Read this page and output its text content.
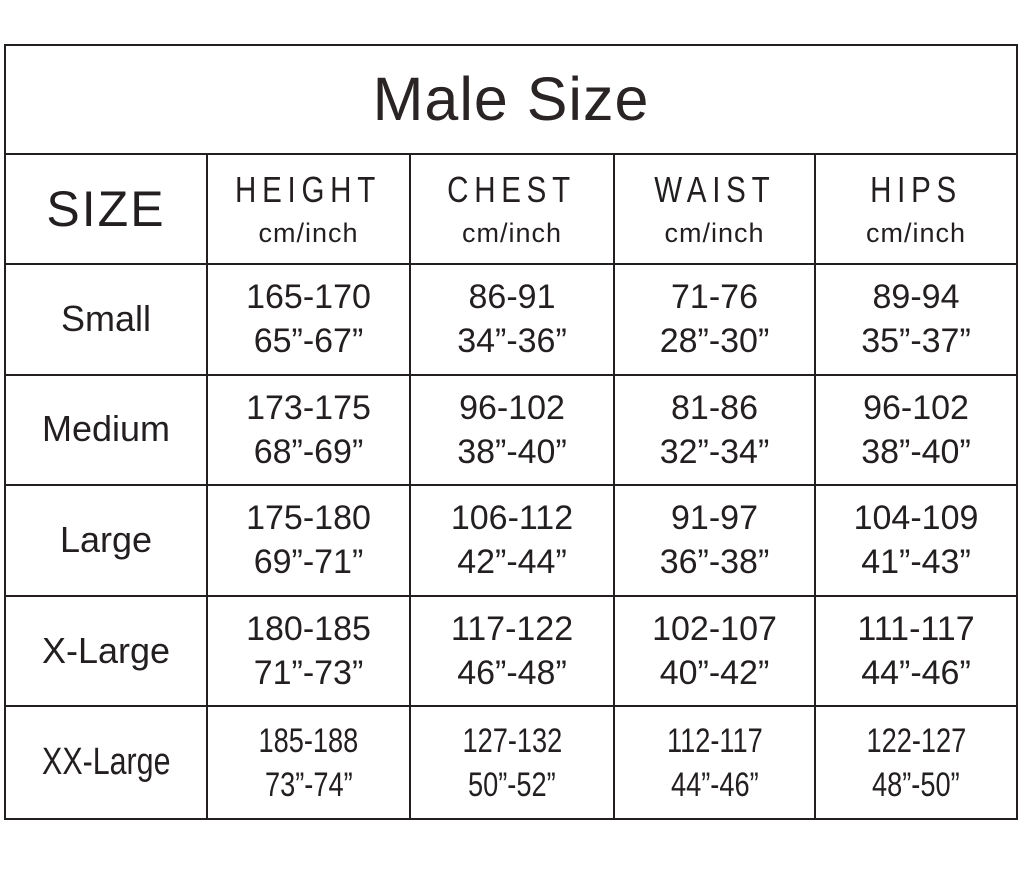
Male Size
SIZE HEIGHT
cm/inch
CHEST
cm/inch
WAIST
cm/inch
HIPS
cm/inch
Small
165-170
65”-67”
86-91
34”-36”
71-76
28”-30”
89-94
35”-37”
Medium
173-175
68”-69”
96-102
38”-40”
81-86
32”-34”
96-102
38”-40”
Large
175-180
69”-71”
106-112
42”-44”
91-97
36”-38”
104-109
41”-43”
X-Large
180-185
71”-73”
117-122
46”-48”
102-107
40”-42”
111-117
44”-46”
XX-Large
185-188
73”-74”
127-132
50”-52”
112-117
44”-46”
122-127
48”-50”
